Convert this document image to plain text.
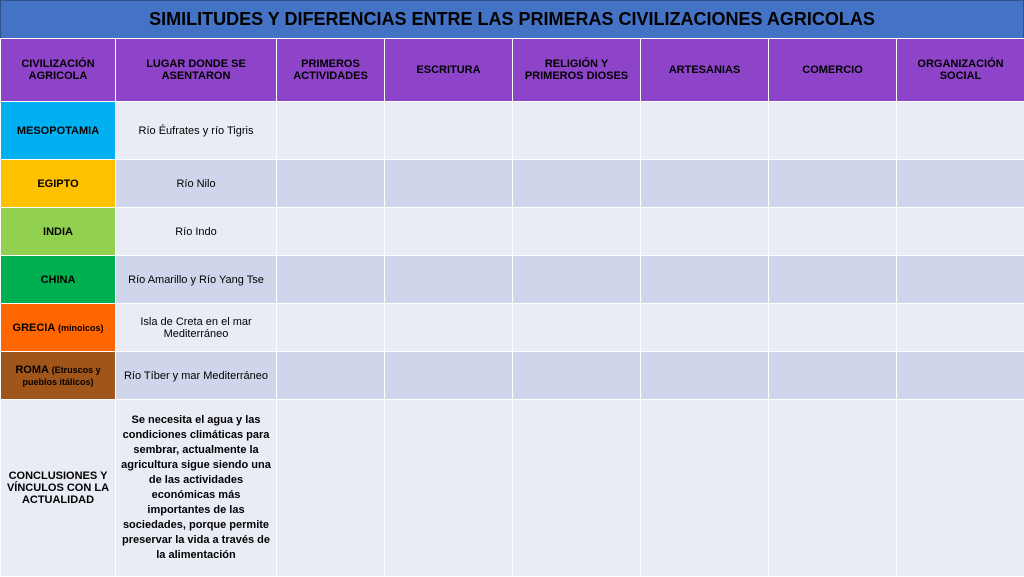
SIMILITUDES Y DIFERENCIAS ENTRE LAS PRIMERAS CIVILIZACIONES AGRICOLAS
CIVILIZACIÓN AGRICOLA	LUGAR DONDE SE ASENTARON	PRIMEROS ACTIVIDADES	ESCRITURA	RELIGIÓN Y PRIMEROS DIOSES	ARTESANIAS	COMERCIO	ORGANIZACIÓN SOCIAL
MESOPOTAMIA	Río Éufrates y río Tigris						
EGIPTO	Río Nilo						
INDIA	Río Indo						
CHINA	Río Amarillo y Río Yang Tse						
GRECIA (minoicos)	Isla de Creta en el mar Mediterráneo						
ROMA (Etruscos y pueblos itálicos)	Río Tíber y mar Mediterráneo						
CONCLUSIONES Y VÍNCULOS CON LA ACTUALIDAD	Se necesita el agua y las condiciones climáticas para sembrar, actualmente la agricultura sigue siendo una de las actividades económicas más importantes de las sociedades, porque permite preservar la vida a través de la alimentación						
